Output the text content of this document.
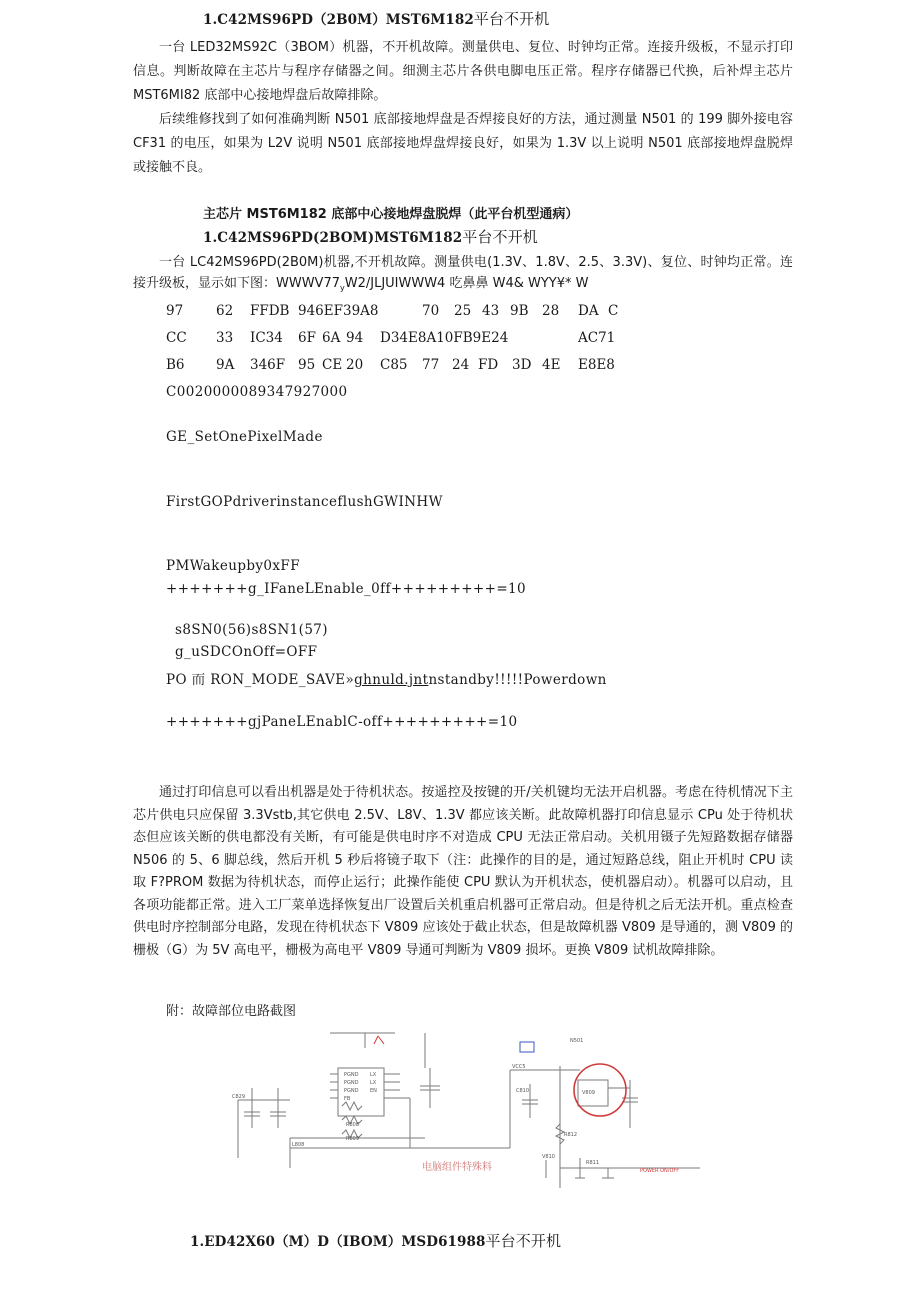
1.C42MS96PD（2B0M）MST6M182平台不开机

一台 LED32MS92C（3BOM）机器，不开机故障。测量供电、复位、时钟均正常。连接升级板，不显示打印信息。判断故障在主芯片与程序存储器之间。细测主芯片各供电脚电压正常。程序存储器已代换，后补焊主芯片 MST6MI82 底部中心接地焊盘后故障排除。

后续维修找到了如何准确判断 N501 底部接地焊盘是否焊接良好的方法，通过测量 N501 的 199 脚外接电容 CF31 的电压，如果为 L2V 说明 N501 底部接地焊盘焊接良好，如果为 1.3V 以上说明 N501 底部接地焊盘脱焊或接触不良。

主芯片 MST6M182 底部中心接地焊盘脱焊（此平台机型通病）
1.C42MS96PD(2BOM)MST6M182平台不开机

一台 LC42MS96PD(2B0M)机器,不开机故障。测量供电(1.3V、1.8V、2.5、3.3V)、复位、时钟均正常。连接升级板，显示如下图：$WWWV77_yW2/JLJUIWWW4$ 吃鼻鼻 W4& WYY¥* W

97 62 FFDB 946EF39A8	70 25 43 9B 28 DA C
CC 33 IC34 6F 6A 94 D34E8A10FB9E24	AC71
B6 9A 346F 95 CE 20 C85 77 24 FD 3D 4E E8E8
C0020000089347927000
GE_SetOnePixelMade
FirstGOPdriverinstanceflushGWINHW
PMWakeupby0xFF
+++++++g_IFaneLEnable_0ff+++++++++=10
s8SN0(56)s8SN1(57)
g_uSDCOnOff=OFF
PO 而 RON_MODE_SAVE»ghnuld.jntnstandby!!!!!Powerdown
+++++++gjPaneLEnablC-off+++++++++=10

通过打印信息可以看出机器是处于待机状态。按遥控及按键的开/关机键均无法开启机器。考虑在待机情况下主芯片供电只应保留 3.3Vstb,其它供电 2.5V、L8V、1.3V 都应该关断。此故障机器打印信息显示 CPu 处于待机状态但应该关断的供电都没有关断，有可能是供电时序不对造成 CPU 无法正常启动。关机用镊子先短路数据存储器 N506 的 5、6 脚总线，然后开机 5 秒后将镜子取下（注：此操作的目的是，通过短路总线，阻止开机时 CPU 读取 F?PROM 数据为待机状态，而停止运行；此操作能使 CPU 默认为开机状态，使机器启动）。机器可以启动，且各项功能都正常。进入工厂菜单选择恢复出厂设置后关机重启机器可正常启动。但是待机之后无法开机。重点检查供电时序控制部分电路，发现在待机状态下 V809 应该处于截止状态，但是故障机器 V809 是导通的，测 V809 的栅极（G）为 5V 高电平，栅极为高电平 V809 导通可判断为 V809 损坏。更换 V809 试机故障排除。

附：故障部位电路截图
PGND
PGND
PGND
FB
LX
LX
EN
C829
R808
R809
L808
VCC5
C810
R812
V810
R811
V809
N501
POWER ON/OFF
电脑组件特殊料
1.ED42X60（M）D（IBOM）MSD61988平台不开机
